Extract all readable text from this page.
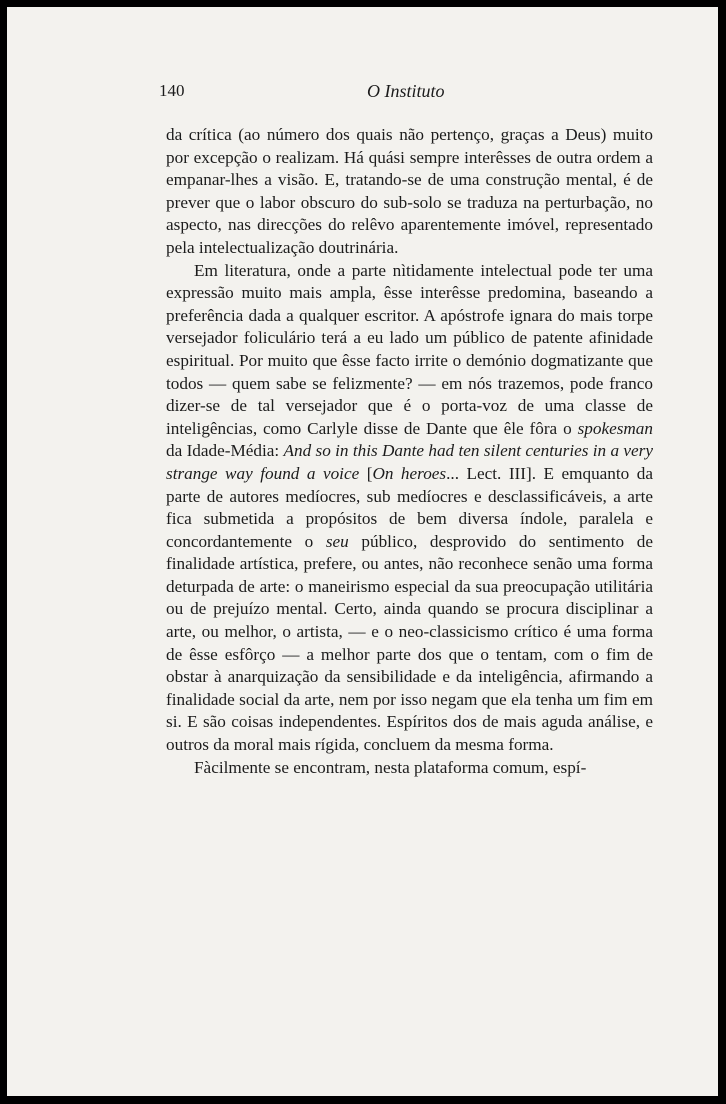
140	O Instituto

da crítica (ao número dos quais não pertenço, graças a Deus) muito por excepção o realizam. Há quási sempre interêsses de outra ordem a empanar-lhes a visão. E, tratando-se de uma construção mental, é de prever que o labor obscuro do sub-solo se traduza na perturbação, no aspecto, nas direcções do relêvo aparentemente imóvel, representado pela intelectualização doutrinária.

Em literatura, onde a parte nìtidamente intelectual pode ter uma expressão muito mais ampla, êsse interêsse predomina, baseando a preferência dada a qualquer escritor. A apóstrofe ignara do mais torpe versejador foliculário terá a eu lado um público de patente afinidade espiritual. Por muito que êsse facto irrite o demónio dogmatizante que todos — quem sabe se felizmente? — em nós trazemos, pode franco dizer-se de tal versejador que é o porta-voz de uma classe de inteligências, como Carlyle disse de Dante que êle fôra o spokesman da Idade-Média: And so in this Dante had ten silent centuries in a very strange way found a voice [On heroes... Lect. III]. E emquanto da parte de autores medíocres, sub medíocres e desclassificáveis, a arte fica submetida a propósitos de bem diversa índole, paralela e concordantemente o seu público, desprovido do sentimento de finalidade artística, prefere, ou antes, não reconhece senão uma forma deturpada de arte: o maneirismo especial da sua preocupação utilitária ou de prejuízo mental. Certo, ainda quando se procura disciplinar a arte, ou melhor, o artista, — e o neo-classicismo crítico é uma forma de êsse esfôrço — a melhor parte dos que o tentam, com o fim de obstar à anarquização da sensibilidade e da inteligência, afirmando a finalidade social da arte, nem por isso negam que ela tenha um fim em si. E são coisas independentes. Espíritos dos de mais aguda análise, e outros da moral mais rígida, concluem da mesma forma.

Fàcilmente se encontram, nesta plataforma comum, espí-
